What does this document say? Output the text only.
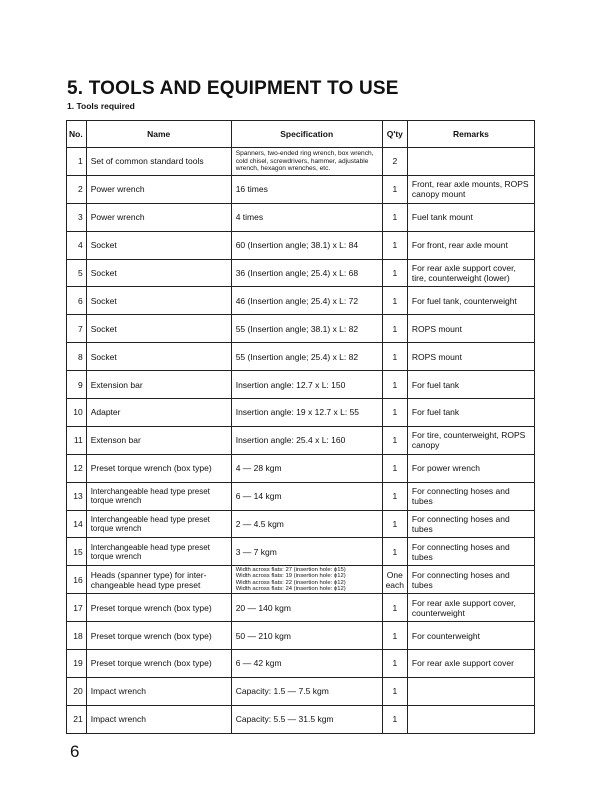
5. TOOLS AND EQUIPMENT TO USE
1. Tools required
No.	Name	Specification	Q'ty	Remarks
1	Set of common standard tools	Spanners, two-ended ring wrench, box wrench, cold chisel, screwdrivers, hammer, adjustable wrench, hexagon wrenches, etc.	2	
2	Power wrench	16 times	1	Front, rear axle mounts, ROPS canopy mount
3	Power wrench	4 times	1	Fuel tank mount
4	Socket	60 (Insertion angle; 38.1) x L: 84	1	For front, rear axle mount
5	Socket	36 (Insertion angle; 25.4) x L: 68	1	For rear axle support cover, tire, counterweight (lower)
6	Socket	46 (Insertion angle; 25.4) x L: 72	1	For fuel tank, counterweight
7	Socket	55 (Insertion angle; 38.1) x L: 82	1	ROPS mount
8	Socket	55 (Insertion angle; 25.4) x L: 82	1	ROPS mount
9	Extension bar	Insertion angle: 12.7 x L: 150	1	For fuel tank
10	Adapter	Insertion angle: 19 x 12.7 x L: 55	1	For fuel tank
11	Extenson bar	Insertion angle: 25.4 x L: 160	1	For tire, counterweight, ROPS canopy
12	Preset torque wrench (box type)	4 — 28 kgm	1	For power wrench
13	Interchangeable head type preset torque wrench	6 — 14 kgm	1	For connecting hoses and tubes
14	Interchangeable head type preset torque wrench	2 — 4.5 kgm	1	For connecting hoses and tubes
15	Interchangeable head type preset torque wrench	3 — 7 kgm	1	For connecting hoses and tubes
16	Heads (spanner type) for inter-changeable head type preset	Width across flats: 27 (insertion hole: ϕ15)
Width across flats: 19 (insertion hole: ϕ12)
Width across flats: 22 (insertion hole: ϕ12)
Width across flats: 24 (insertion hole: ϕ12)	One each	For connecting hoses and tubes
17	Preset torque wrench (box type)	20 — 140 kgm	1	For rear axle support cover, counterweight
18	Preset torque wrench (box type)	50 — 210 kgm	1	For counterweight
19	Preset torque wrench (box type)	6 — 42 kgm	1	For rear axle support cover
20	Impact wrench	Capacity: 1.5 — 7.5 kgm	1	
21	Impact wrench	Capacity: 5.5 — 31.5 kgm	1	
6
